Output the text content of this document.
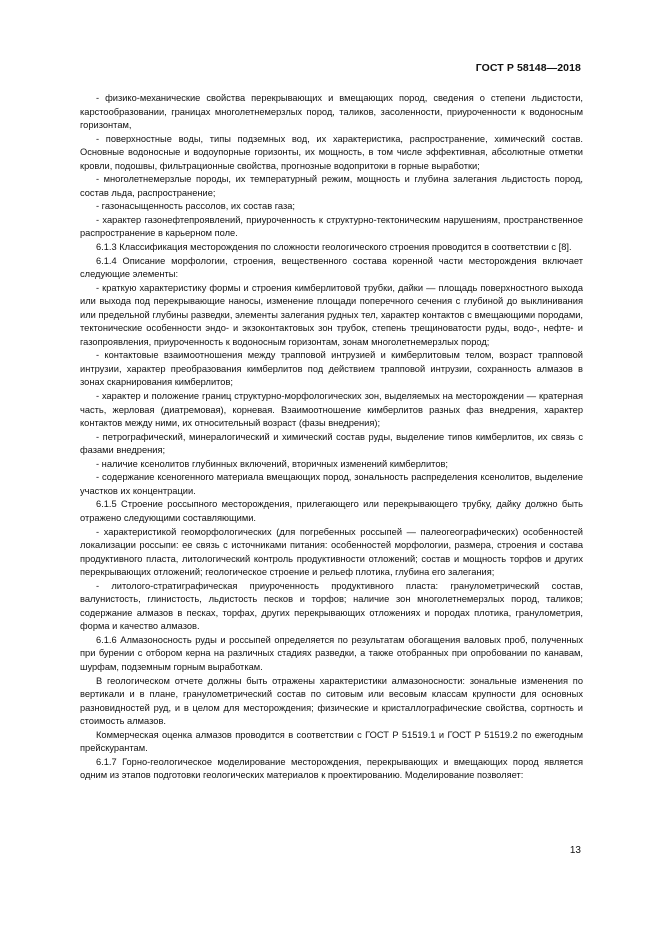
ГОСТ Р 58148—2018

- физико-механические свойства перекрывающих и вмещающих пород, сведения о степени льдистости, карстообразовании, границах многолетнемерзлых пород, таликов, засоленности, приуроченности к водоносным горизонтам,

- поверхностные воды, типы подземных вод, их характеристика, распространение, химический состав. Основные водоносные и водоупорные горизонты, их мощность, в том числе эффективная, абсолютные отметки кровли, подошвы, фильтрационные свойства, прогнозные водопритоки в горные выработки;

- многолетнемерзлые породы, их температурный режим, мощность и глубина залегания льдистость пород, состав льда, распространение;

- газонасыщенность рассолов, их состав газа;

- характер газонефтепроявлений, приуроченность к структурно-тектоническим нарушениям, пространственное распространение в карьерном поле.

6.1.3 Классификация месторождения по сложности геологического строения проводится в соответствии с [8].

6.1.4 Описание морфологии, строения, вещественного состава коренной части месторождения включает следующие элементы:

- краткую характеристику формы и строения кимберлитовой трубки, дайки — площадь поверхностного выхода или выхода под перекрывающие наносы, изменение площади поперечного сечения с глубиной до выклинивания или предельной глубины разведки, элементы залегания рудных тел, характер контактов с вмещающими породами, тектонические особенности эндо- и экзоконтактовых зон трубок, степень трещиноватости руды, водо-, нефте- и газопроявления, приуроченность к водоносным горизонтам, зонам многолетнемерзлых пород;

- контактовые взаимоотношения между трапповой интрузией и кимберлитовым телом, возраст трапповой интрузии, характер преобразования кимберлитов под действием трапповой интрузии, сохранность алмазов в зонах скарнирования кимберлитов;

- характер и положение границ структурно-морфологических зон, выделяемых на месторождении — кратерная часть, жерловая (диатремовая), корневая. Взаимоотношение кимберлитов разных фаз внедрения, характер контактов между ними, их относительный возраст (фазы внедрения);

- петрографический, минералогический и химический состав руды, выделение типов кимберлитов, их связь с фазами внедрения;

- наличие ксенолитов глубинных включений, вторичных изменений кимберлитов;

- содержание ксеногенного материала вмещающих пород, зональность распределения ксенолитов, выделение участков их концентрации.

6.1.5 Строение россыпного месторождения, прилегающего или перекрывающего трубку, дайку должно быть отражено следующими составляющими.

- характеристикой геоморфологических (для погребенных россыпей — палеогеографических) особенностей локализации россыпи: ее связь с источниками питания: особенностей морфологии, размера, строения и состава продуктивного пласта, литологический контроль продуктивности отложений; состав и мощность торфов и других перекрывающих отложений; геологическое строение и рельеф плотика, глубина его залегания;

- литолого-стратиграфическая приуроченность продуктивного пласта: гранулометрический состав, валунистость, глинистость, льдистость песков и торфов; наличие зон многолетнемерзлых пород, таликов; содержание алмазов в песках, торфах, других перекрывающих отложениях и породах плотика, гранулометрия, форма и качество алмазов.

6.1.6 Алмазоносность руды и россыпей определяется по результатам обогащения валовых проб, полученных при бурении с отбором керна на различных стадиях разведки, а также отобранных при опробовании по канавам, шурфам, подземным горным выработкам.

В геологическом отчете должны быть отражены характеристики алмазоносности: зональные изменения по вертикали и в плане, гранулометрический состав по ситовым или весовым классам крупности для основных разновидностей руд, и в целом для месторождения; физические и кристаллографические свойства, сортность и стоимость алмазов.

Коммерческая оценка алмазов проводится в соответствии с ГОСТ Р 51519.1 и ГОСТ Р 51519.2 по ежегодным прейскурантам.

6.1.7 Горно-геологическое моделирование месторождения, перекрывающих и вмещающих пород является одним из этапов подготовки геологических материалов к проектированию. Моделирование позволяет:

13
